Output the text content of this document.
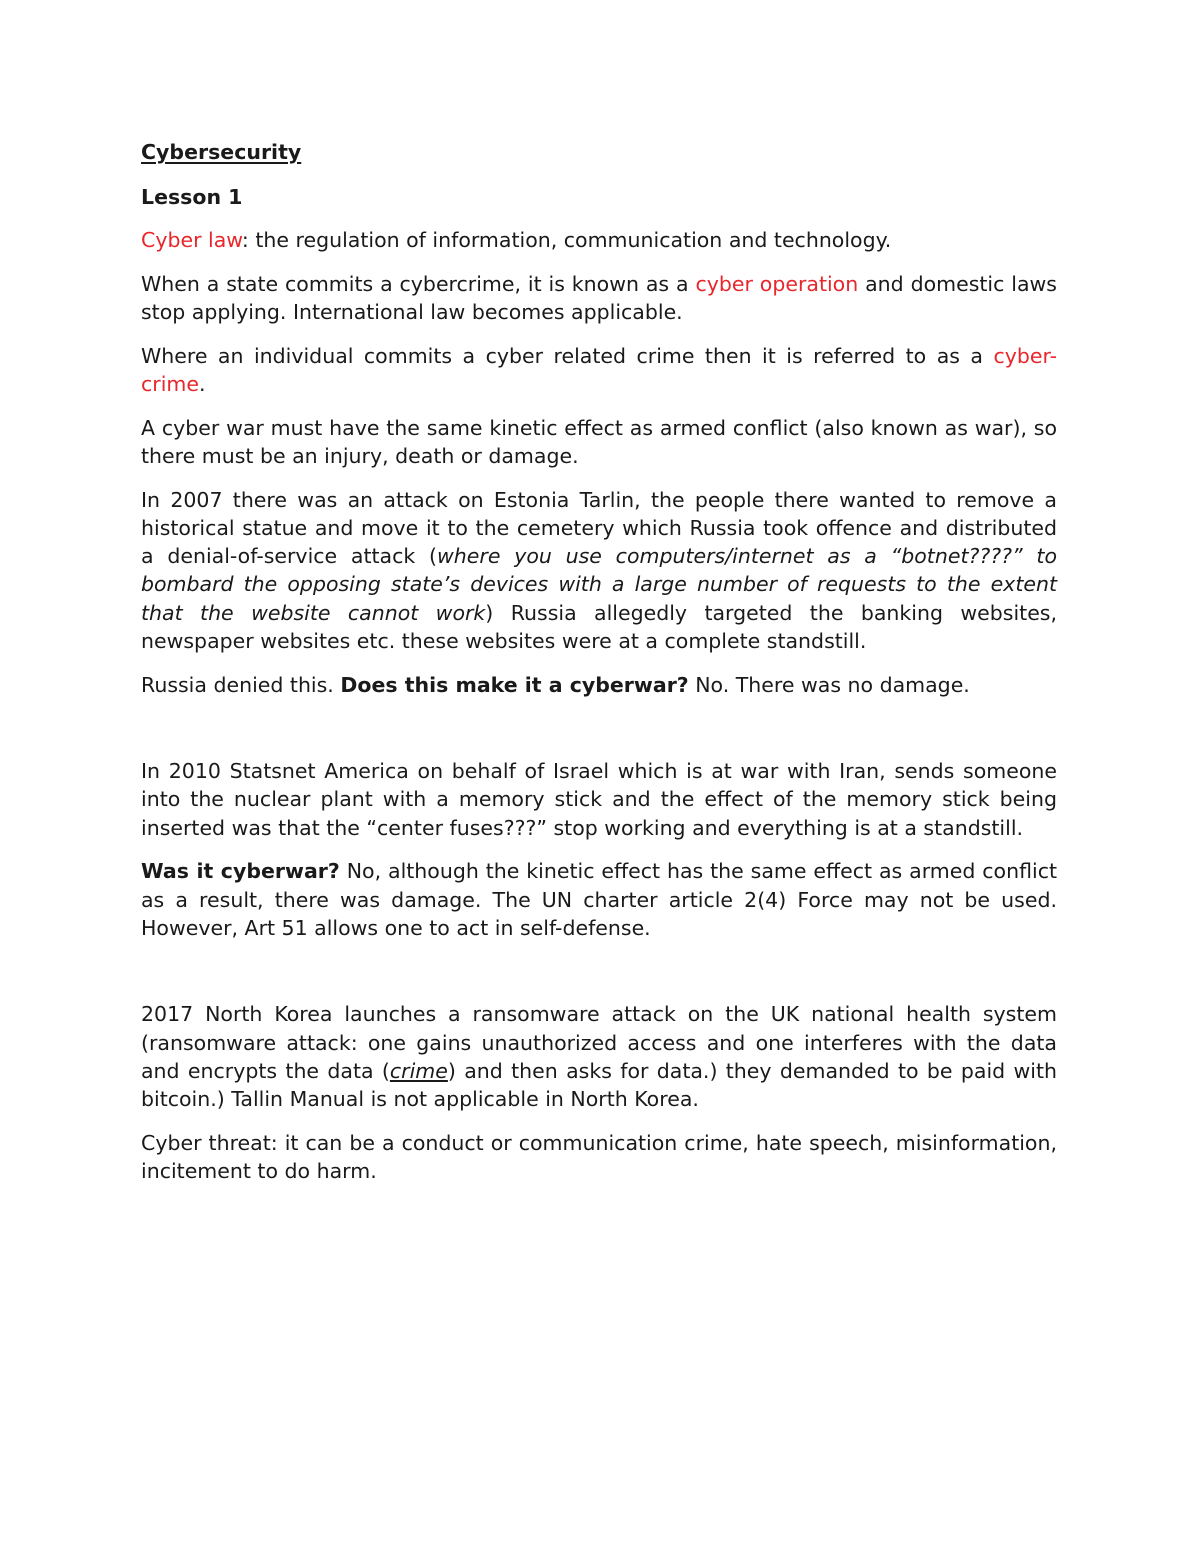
Cybersecurity

Lesson 1

Cyber law: the regulation of information, communication and technology.

When a state commits a cybercrime, it is known as a cyber operation and domestic laws stop applying. International law becomes applicable.

Where an individual commits a cyber related crime then it is referred to as a cyber-crime.

A cyber war must have the same kinetic effect as armed conflict (also known as war), so there must be an injury, death or damage.

In 2007 there was an attack on Estonia Tarlin, the people there wanted to remove a historical statue and move it to the cemetery which Russia took offence and distributed a denial-of-service attack (where you use computers/internet as a “botnet????” to bombard the opposing state’s devices with a large number of requests to the extent that the website cannot work) Russia allegedly targeted the banking websites, newspaper websites etc. these websites were at a complete standstill.

Russia denied this. Does this make it a cyberwar? No. There was no damage.

In 2010 Statsnet America on behalf of Israel which is at war with Iran, sends someone into the nuclear plant with a memory stick and the effect of the memory stick being inserted was that the “center fuses???” stop working and everything is at a standstill.

Was it cyberwar? No, although the kinetic effect has the same effect as armed conflict as a result, there was damage. The UN charter article 2(4) Force may not be used. However, Art 51 allows one to act in self-defense.

2017 North Korea launches a ransomware attack on the UK national health system (ransomware attack: one gains unauthorized access and one interferes with the data and encrypts the data (crime) and then asks for data.) they demanded to be paid with bitcoin.) Tallin Manual is not applicable in North Korea.

Cyber threat: it can be a conduct or communication crime, hate speech, misinformation, incitement to do harm.
